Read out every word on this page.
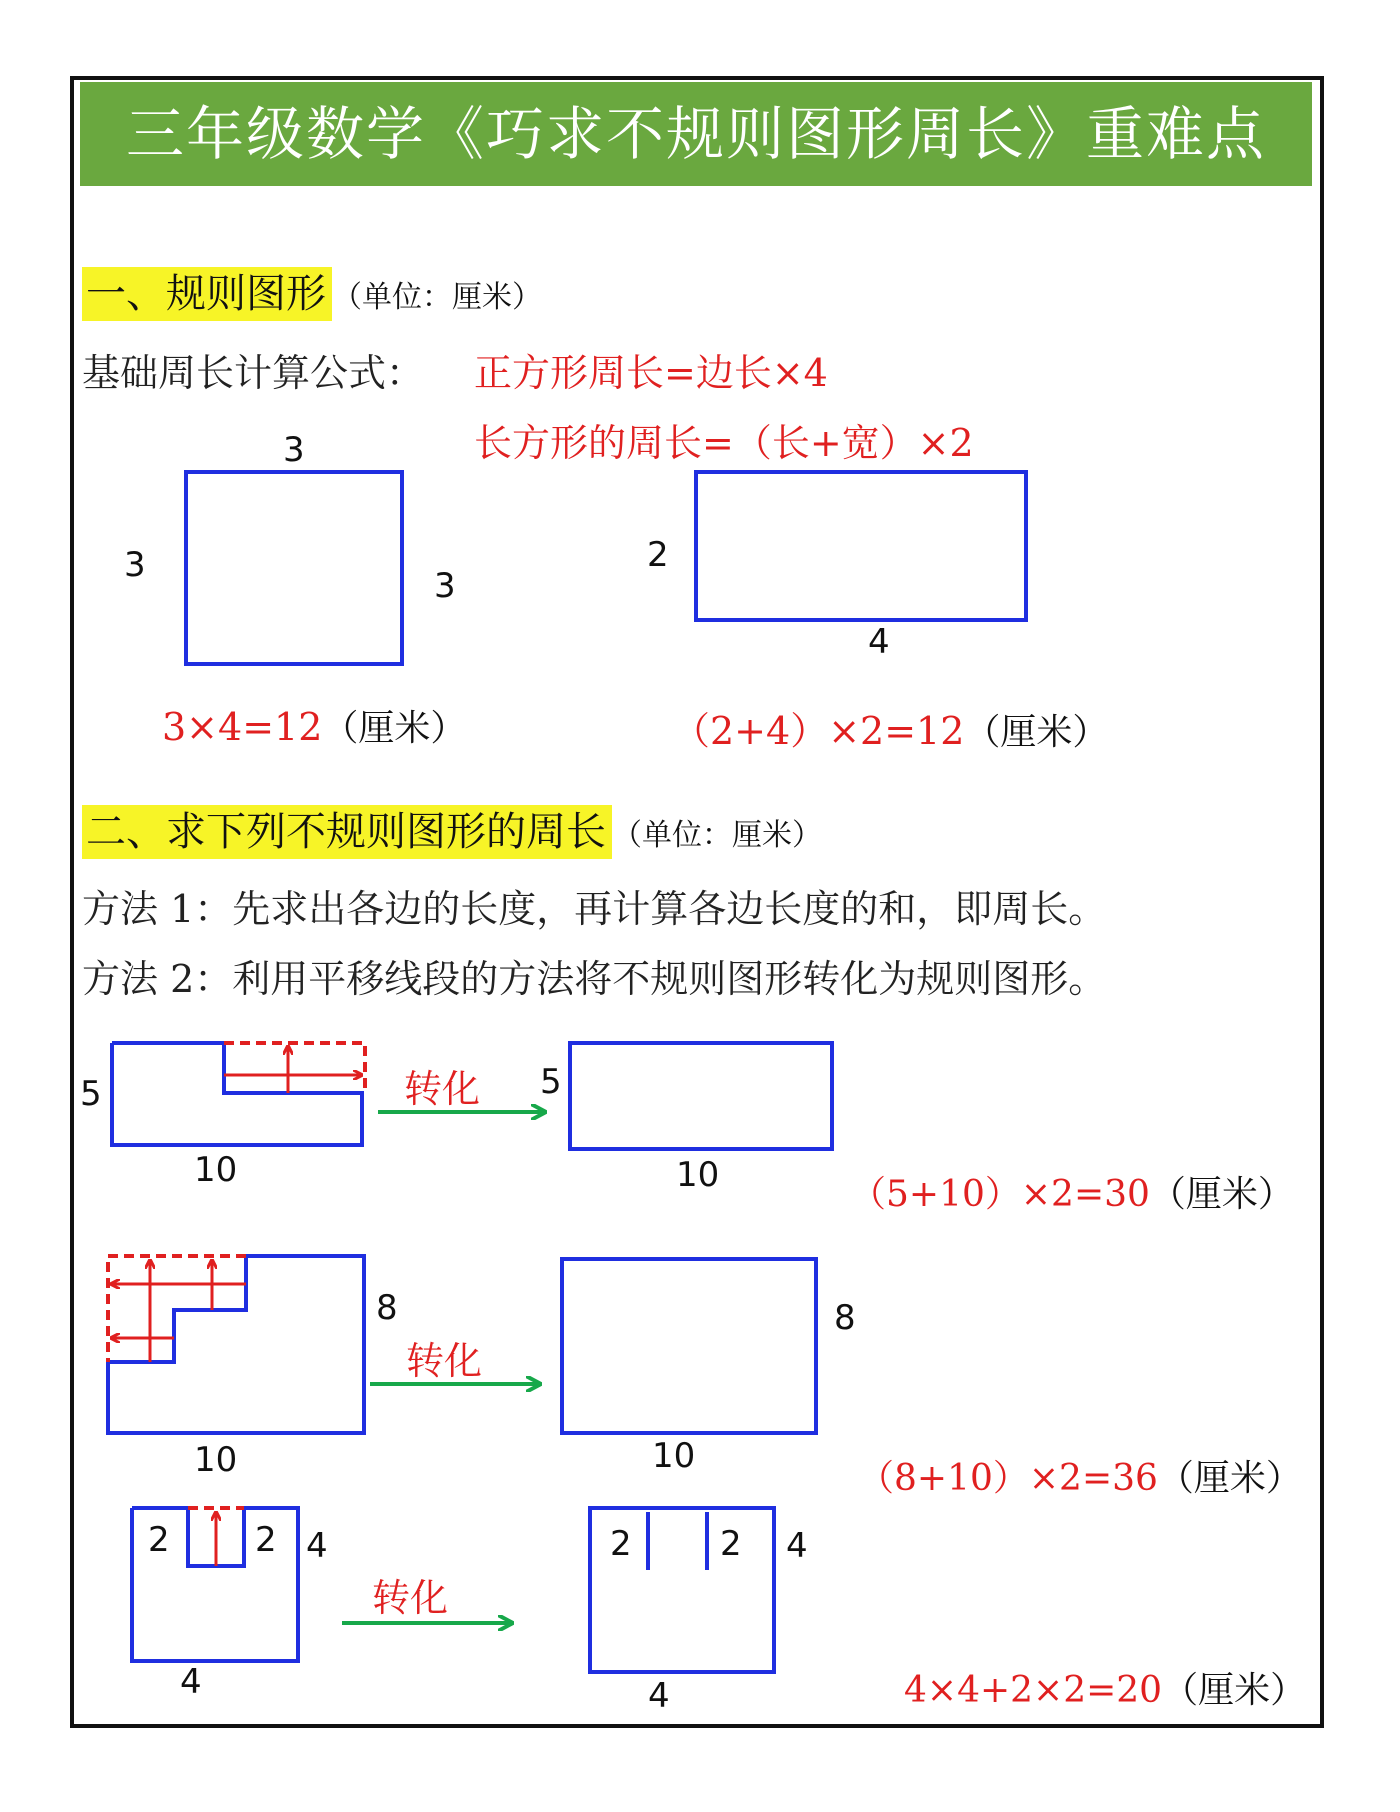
三年级数学《巧求不规则图形周长》重难点
一、规则图形 （单位：厘米）
基础周长计算公式： 正方形周长=边长×4
长方形的周长=（长+宽）×2
3
3
3
2
4
3×4=12（厘米）	（2+4）×2=12（厘米）
二、求下列不规则图形的周长 （单位：厘米）
方法 1：先求出各边的长度，再计算各边长度的和，即周长。
方法 2：利用平移线段的方法将不规则图形转化为规则图形。
5
10
转化 5
10	（5+10）×2=30（厘米）
8
10
转化
8
10
（8+10）×2=36（厘米）
2	2 4
4
转化
2	2 4
4	4×4+2×2=20（厘米）
